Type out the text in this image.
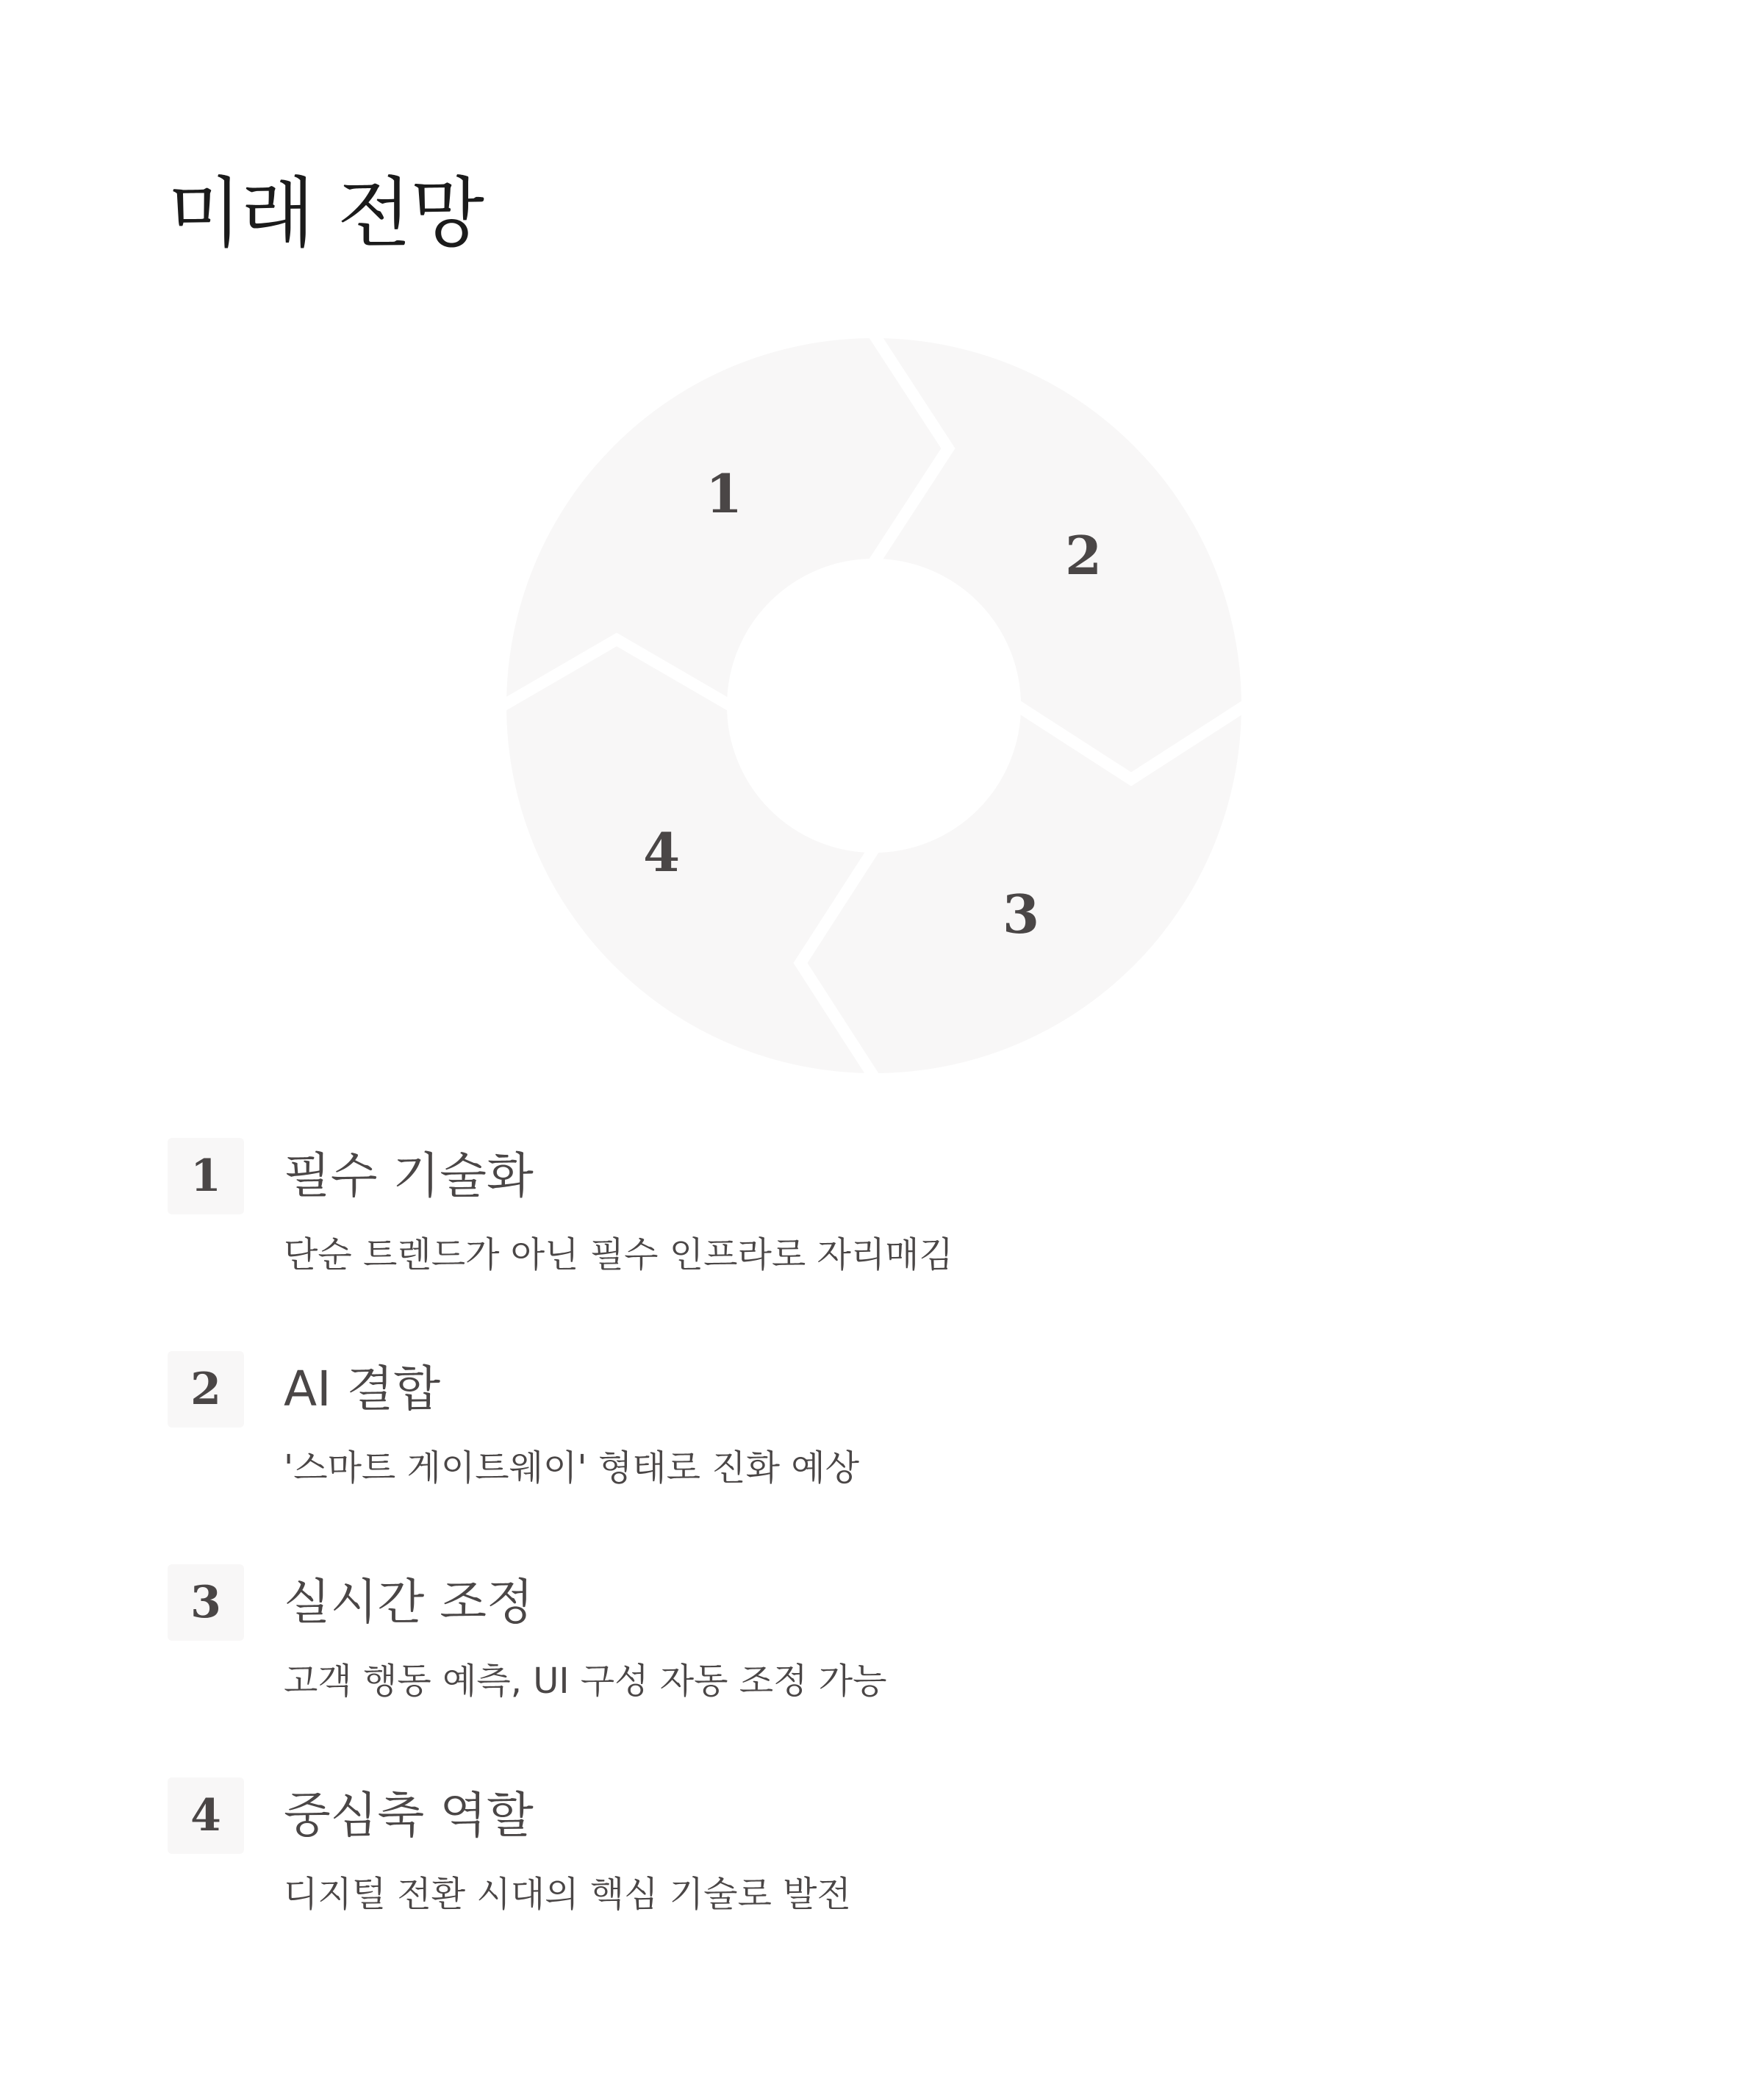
미래 전망
1
2
3
4
1	필수 기술화
단순 트렌드가 아닌 필수 인프라로 자리매김
2	AI 결합
'스마트 게이트웨이' 형태로 진화 예상
3	실시간 조정
고객 행동 예측, UI 구성 자동 조정 가능
4	중심축 역할
디지털 전환 시대의 핵심 기술로 발전
